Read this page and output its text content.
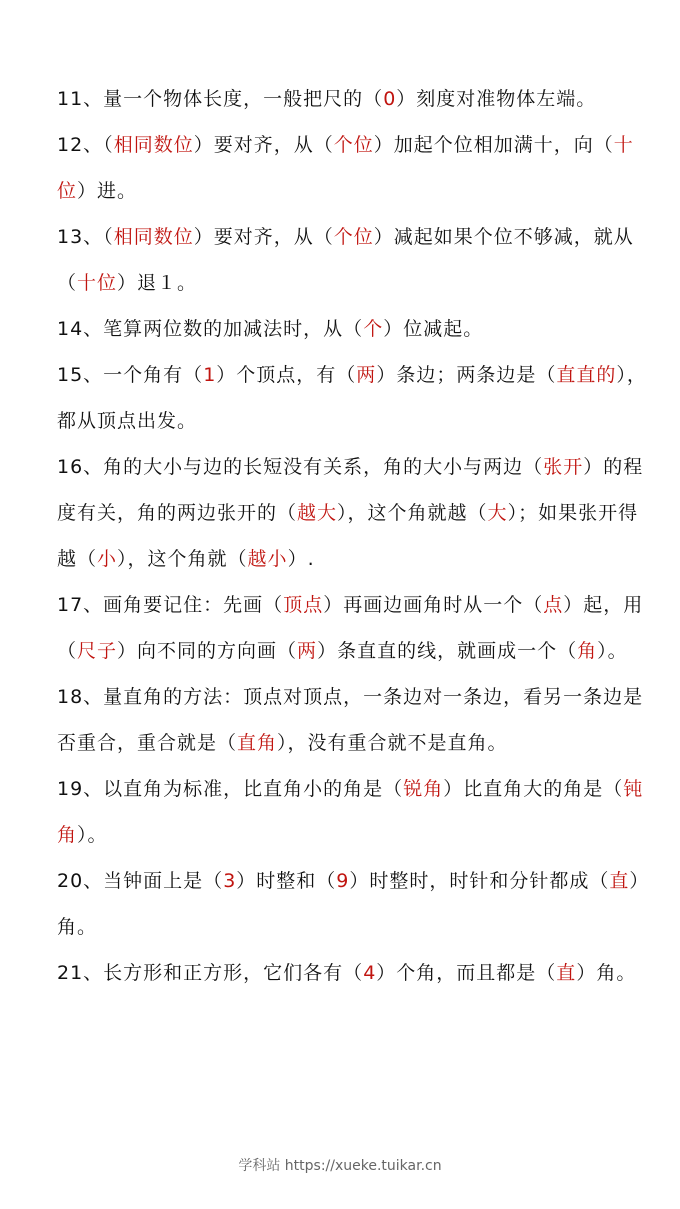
11、量一个物体长度，一般把尺的（0）刻度对准物体左端。

12、（相同数位）要对齐，从（个位）加起个位相加满十，向（十位）进。

13、（相同数位）要对齐，从（个位）减起如果个位不够减，就从（十位）退１。

14、笔算两位数的加减法时，从（个）位减起。

15、一个角有（1）个顶点，有（两）条边；两条边是（直直的），都从顶点出发。

16、角的大小与边的长短没有关系，角的大小与两边（张开）的程度有关，角的两边张开的（越大），这个角就越（大）；如果张开得越（小），这个角就（越小）.

17、画角要记住：先画（顶点）再画边画角时从一个（点）起，用（尺子）向不同的方向画（两）条直直的线，就画成一个（角）。

18、量直角的方法：顶点对顶点，一条边对一条边，看另一条边是否重合，重合就是（直角），没有重合就不是直角。

19、以直角为标准，比直角小的角是（锐角）比直角大的角是（钝角）。

20、当钟面上是（3）时整和（9）时整时，时针和分针都成（直）角。

21、长方形和正方形，它们各有（4）个角，而且都是（直）角。

学科站 https://xueke.tuikar.cn
